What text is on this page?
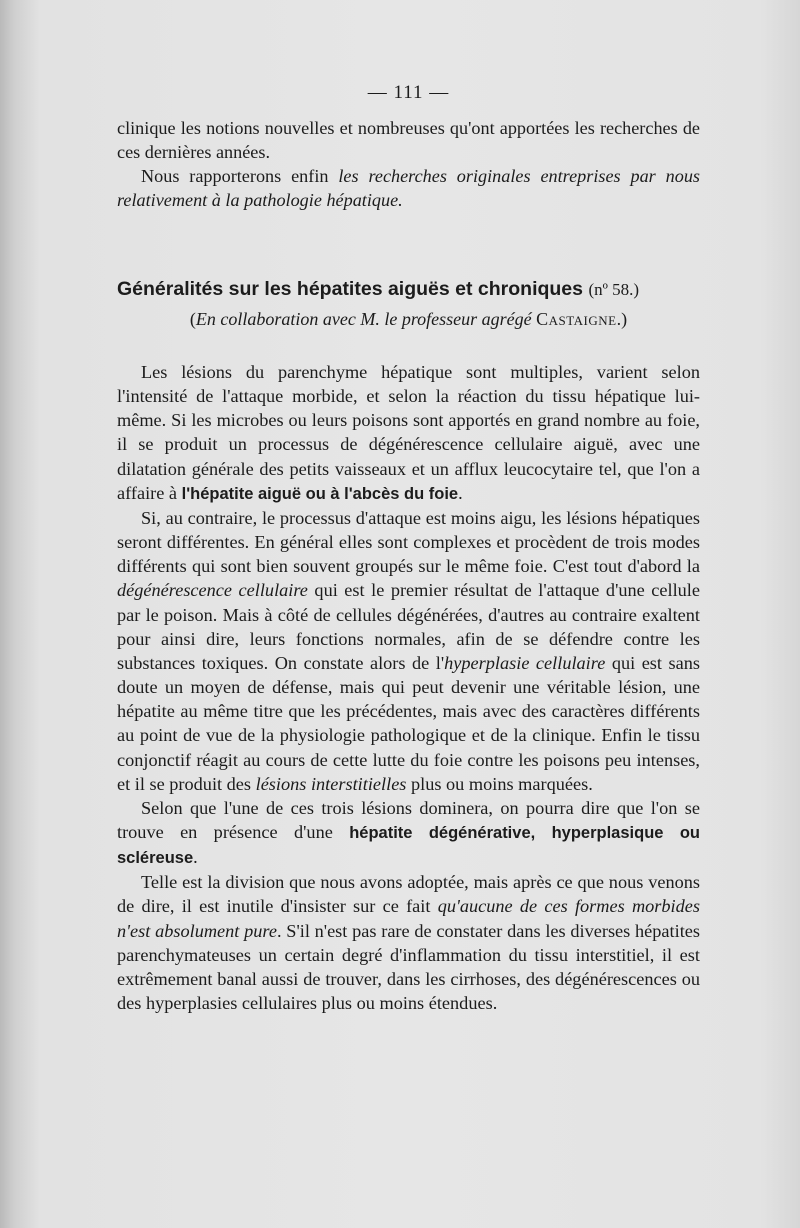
— 111 —

clinique les notions nouvelles et nombreuses qu'ont apportées les recherches de ces dernières années.

Nous rapporterons enfin les recherches originales entreprises par nous relativement à la pathologie hépatique.

Généralités sur les hépatites aiguës et chroniques (nº 58.)
(En collaboration avec M. le professeur agrégé Castaigne.)

Les lésions du parenchyme hépatique sont multiples, varient selon l'intensité de l'attaque morbide, et selon la réaction du tissu hépatique lui-même. Si les microbes ou leurs poisons sont apportés en grand nombre au foie, il se produit un processus de dégénérescence cellulaire aiguë, avec une dilatation générale des petits vaisseaux et un afflux leucocytaire tel, que l'on a affaire à l'hépatite aiguë ou à l'abcès du foie.

Si, au contraire, le processus d'attaque est moins aigu, les lésions hépatiques seront différentes. En général elles sont complexes et procèdent de trois modes différents qui sont bien souvent groupés sur le même foie. C'est tout d'abord la dégénérescence cellulaire qui est le premier résultat de l'attaque d'une cellule par le poison. Mais à côté de cellules dégénérées, d'autres au contraire exaltent pour ainsi dire, leurs fonctions normales, afin de se défendre contre les substances toxiques. On constate alors de l'hyperplasie cellulaire qui est sans doute un moyen de défense, mais qui peut devenir une véritable lésion, une hépatite au même titre que les précédentes, mais avec des caractères différents au point de vue de la physiologie pathologique et de la clinique. Enfin le tissu conjonctif réagit au cours de cette lutte du foie contre les poisons peu intenses, et il se produit des lésions interstitielles plus ou moins marquées.

Selon que l'une de ces trois lésions dominera, on pourra dire que l'on se trouve en présence d'une hépatite dégénérative, hyperplasique ou scléreuse.

Telle est la division que nous avons adoptée, mais après ce que nous venons de dire, il est inutile d'insister sur ce fait qu'aucune de ces formes morbides n'est absolument pure. S'il n'est pas rare de constater dans les diverses hépatites parenchymateuses un certain degré d'inflammation du tissu interstitiel, il est extrêmement banal aussi de trouver, dans les cirrhoses, des dégénérescences ou des hyperplasies cellulaires plus ou moins étendues.
